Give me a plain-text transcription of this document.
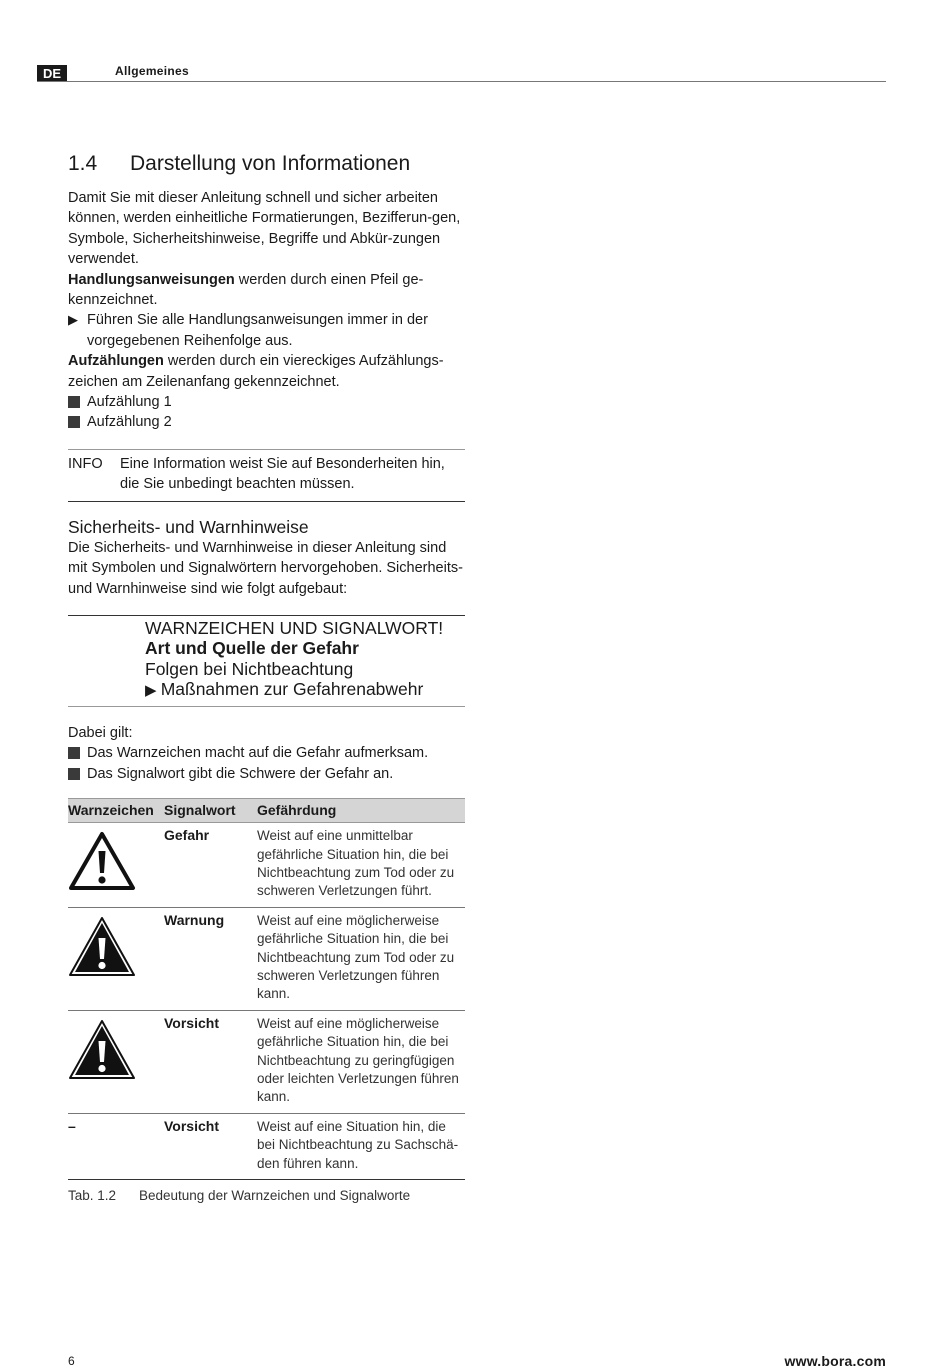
DE	Allgemeines
1.4	Darstellung von Informationen

Damit Sie mit dieser Anleitung schnell und sicher arbeiten können, werden einheitliche Formatierungen, Bezifferun-gen, Symbole, Sicherheitshinweise, Begriffe und Abkür-zungen verwendet.

Handlungsanweisungen werden durch einen Pfeil ge-kennzeichnet.

▶ Führen Sie alle Handlungsanweisungen immer in der vorgegebenen Reihenfolge aus.

Aufzählungen werden durch ein viereckiges Aufzählungs-zeichen am Zeilenanfang gekennzeichnet.

Aufzählung 1
Aufzählung 2
INFO	Eine Information weist Sie auf Besonderheiten hin, die Sie unbedingt beachten müssen.
Sicherheits- und Warnhinweise

Die Sicherheits- und Warnhinweise in dieser Anleitung sind mit Symbolen und Signalwörtern hervorgehoben. Sicherheits- und Warnhinweise sind wie folgt aufgebaut:

WARNZEICHEN UND SIGNALWORT!
Art und Quelle der Gefahr
Folgen bei Nichtbeachtung
▶ Maßnahmen zur Gefahrenabwehr

Dabei gilt:

Das Warnzeichen macht auf die Gefahr aufmerksam.
Das Signalwort gibt die Schwere der Gefahr an.
Warnzeichen	Signalwort	Gefährdung

	Gefahr	Weist auf eine unmittelbar gefährliche Situation hin, die bei Nichtbeachtung zum Tod oder zu schweren Verletzungen führt.

	Warnung	Weist auf eine möglicherweise gefährliche Situation hin, die bei Nichtbeachtung zum Tod oder zu schweren Verletzungen führen kann.

	Vorsicht	Weist auf eine möglicherweise gefährliche Situation hin, die bei Nichtbeachtung zu geringfügigen oder leichten Verletzungen führen kann.
–	Vorsicht	Weist auf eine Situation hin, die bei Nichtbeachtung zu Sachschä-den führen kann.
Tab. 1.2	Bedeutung der Warnzeichen und Signalworte
6	www.bora.com
